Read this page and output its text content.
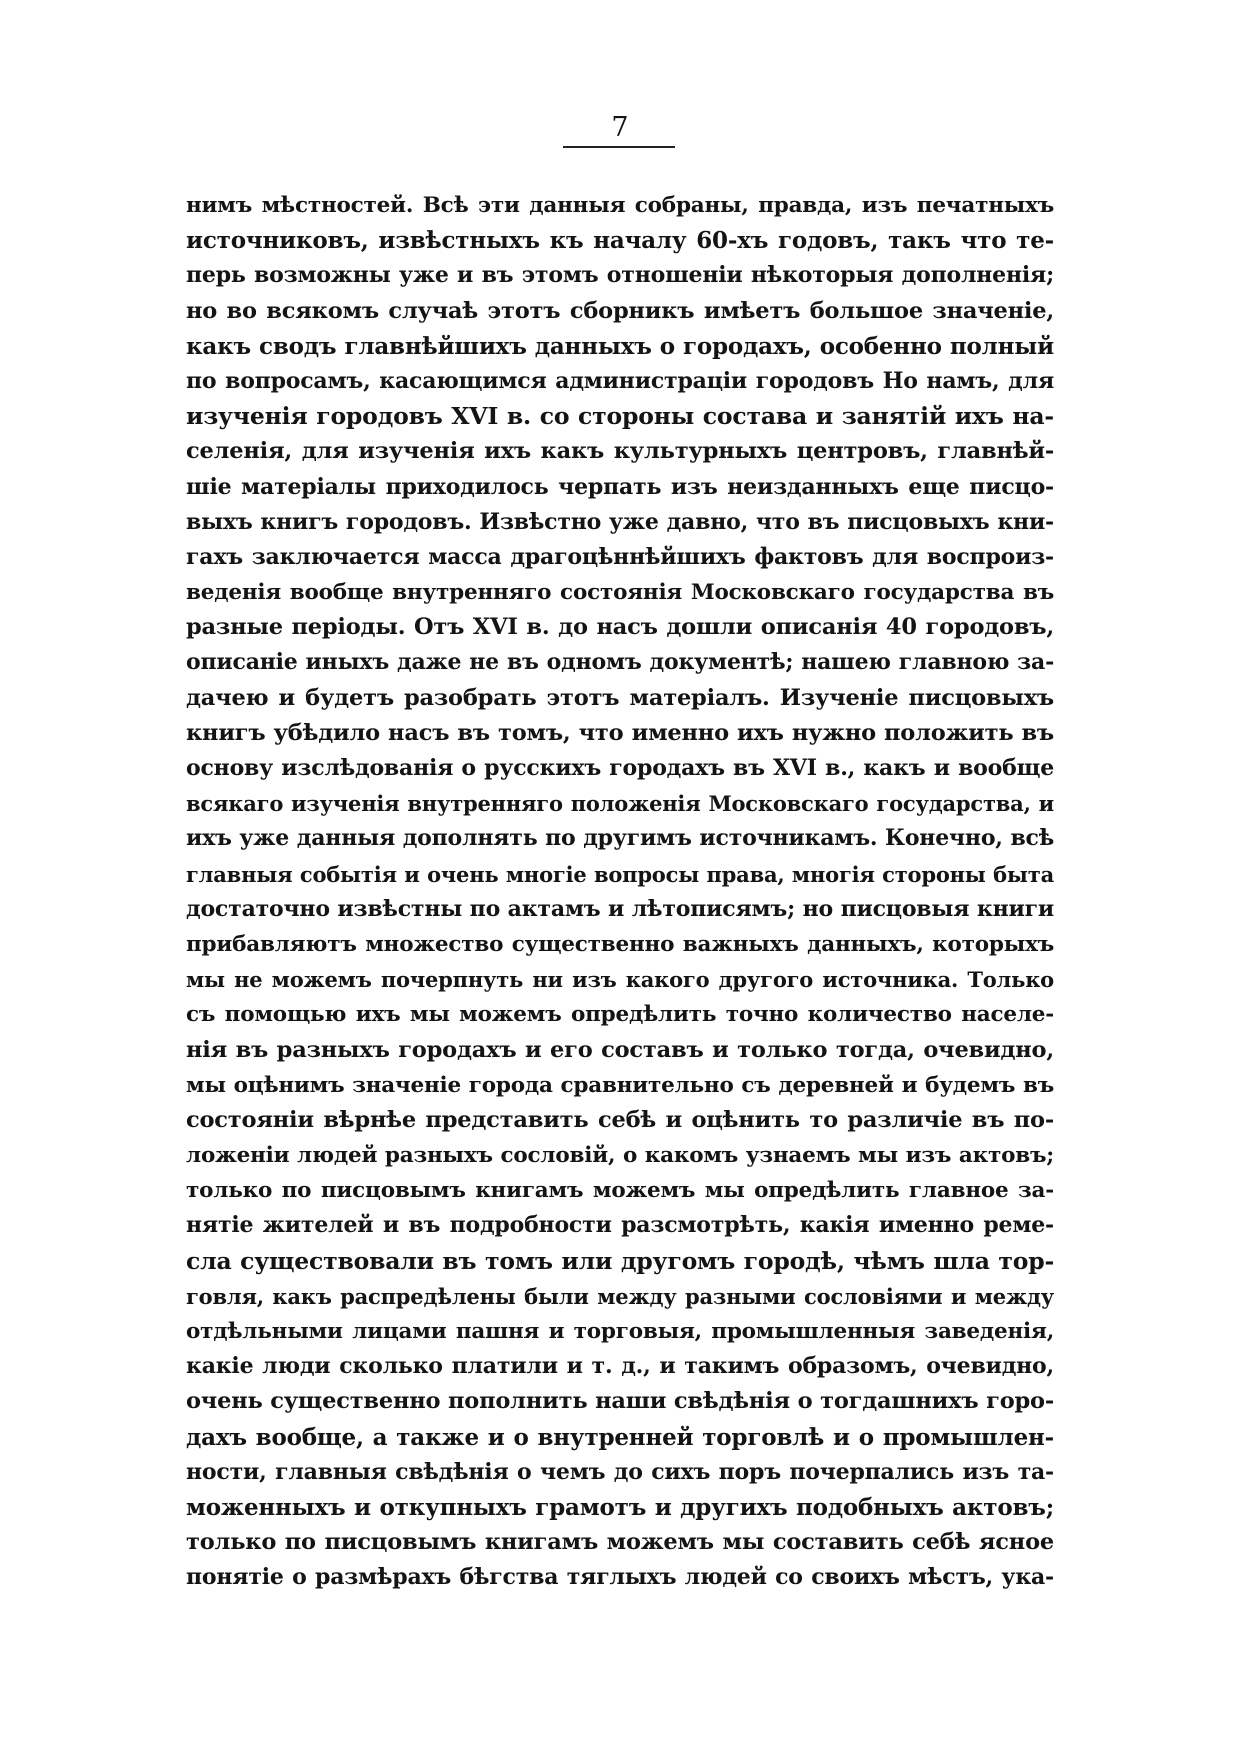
7
нимъ мѣстностей. Всѣ эти данныя собраны, правда, изъ печатныхъ
источниковъ, извѣстныхъ къ началу 60-хъ годовъ, такъ что те-
перь возможны уже и въ этомъ отношеніи нѣкоторыя дополненія;
но во всякомъ случаѣ этотъ сборникъ имѣетъ большое значеніе,
какъ сводъ главнѣйшихъ данныхъ о городахъ, особенно полный
по вопросамъ, касающимся администраціи городовъ Но намъ, для
изученія городовъ XVI в. со стороны состава и занятій ихъ на-
селенія, для изученія ихъ какъ культурныхъ центровъ, главнѣй-
шіе матеріалы приходилось черпать изъ неизданныхъ еще писцо-
выхъ книгъ городовъ. Извѣстно уже давно, что въ писцовыхъ кни-
гахъ заключается масса драгоцѣннѣйшихъ фактовъ для воспроиз-
веденія вообще внутренняго состоянія Московскаго государства въ
разные періоды. Отъ XVI в. до насъ дошли описанія 40 городовъ,
описаніе иныхъ даже не въ одномъ документѣ; нашею главною за-
дачею и будетъ разобрать этотъ матеріалъ. Изученіе писцовыхъ
книгъ убѣдило насъ въ томъ, что именно ихъ нужно положить въ
основу изслѣдованія о русскихъ городахъ въ XVI в., какъ и вообще
всякаго изученія внутренняго положенія Московскаго государства, и
ихъ уже данныя дополнять по другимъ источникамъ. Конечно, всѣ
главныя событія и очень многіе вопросы права, многія стороны быта
достаточно извѣстны по актамъ и лѣтописямъ; но писцовыя книги
прибавляютъ множество существенно важныхъ данныхъ, которыхъ
мы не можемъ почерпнуть ни изъ какого другого источника. Только
съ помощью ихъ мы можемъ опредѣлить точно количество населе-
нія въ разныхъ городахъ и его составъ и только тогда, очевидно,
мы оцѣнимъ значеніе города сравнительно съ деревней и будемъ въ
состояніи вѣрнѣе представить себѣ и оцѣнить то различіе въ по-
ложеніи людей разныхъ сословій, о какомъ узнаемъ мы изъ актовъ;
только по писцовымъ книгамъ можемъ мы опредѣлить главное за-
нятіе жителей и въ подробности разсмотрѣть, какія именно реме-
сла существовали въ томъ или другомъ городѣ, чѣмъ шла тор-
говля, какъ распредѣлены были между разными сословіями и между
отдѣльными лицами пашня и торговыя, промышленныя заведенія,
какіе люди сколько платили и т. д., и такимъ образомъ, очевидно,
очень существенно пополнить наши свѣдѣнія о тогдашнихъ горо-
дахъ вообще, а также и о внутренней торговлѣ и о промышлен-
ности, главныя свѣдѣнія о чемъ до сихъ поръ почерпались изъ та-
моженныхъ и откупныхъ грамотъ и другихъ подобныхъ актовъ;
только по писцовымъ книгамъ можемъ мы составить себѣ ясное
понятіе о размѣрахъ бѣгства тяглыхъ людей со своихъ мѣстъ, ука-
